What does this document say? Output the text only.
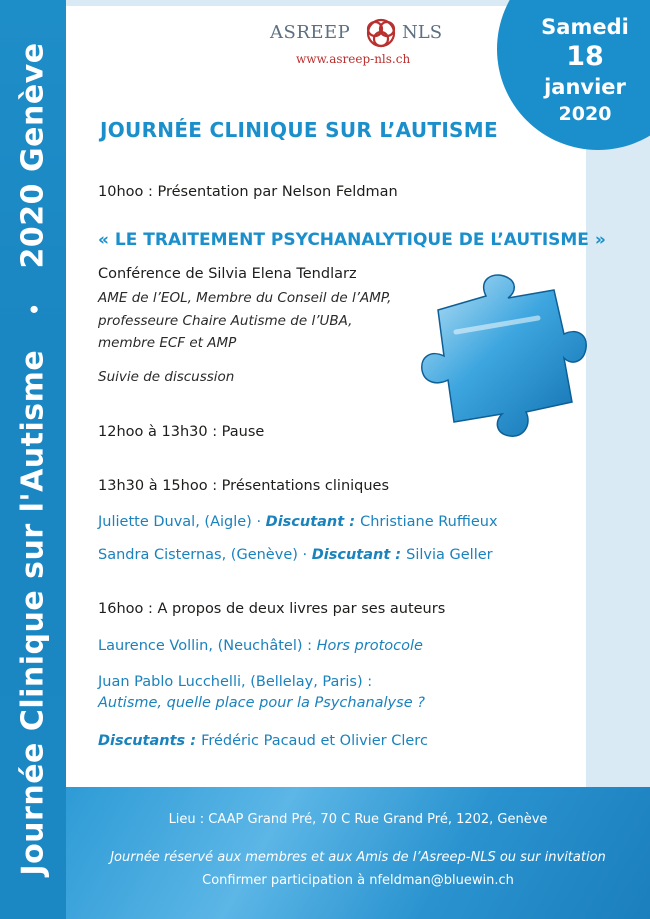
Journée Clinique sur l'Autisme•2020 Genève
Samedi
18
janvier
2020
ASREEP	NLS
www.asreep-nls.ch
JOURNÉE CLINIQUE SUR L’AUTISME
10hoo : Présentation par Nelson Feldman
« LE TRAITEMENT PSYCHANALYTIQUE DE L’AUTISME »
Conférence de Silvia Elena Tendlarz
AME de l’EOL, Membre du Conseil de l’AMP,
professeure Chaire Autisme de l’UBA,
membre ECF et AMP
Suivie de discussion
12hoo à 13h30 : Pause
13h30 à 15hoo : Présentations cliniques
Juliette Duval, (Aigle) · Discutant : Christiane Ruffieux
Sandra Cisternas, (Genève) · Discutant : Silvia Geller
16hoo : A propos de deux livres par ses auteurs
Laurence Vollin, (Neuchâtel) : Hors protocole
Juan Pablo Lucchelli, (Bellelay, Paris) :
Autisme, quelle place pour la Psychanalyse ?
Discutants : Frédéric Pacaud et Olivier Clerc
Lieu : CAAP Grand Pré, 70 C Rue Grand Pré, 1202, Genève
Journée réservé aux membres et aux Amis de l’Asreep-NLS ou sur invitation
Confirmer participation à nfeldman@bluewin.ch
